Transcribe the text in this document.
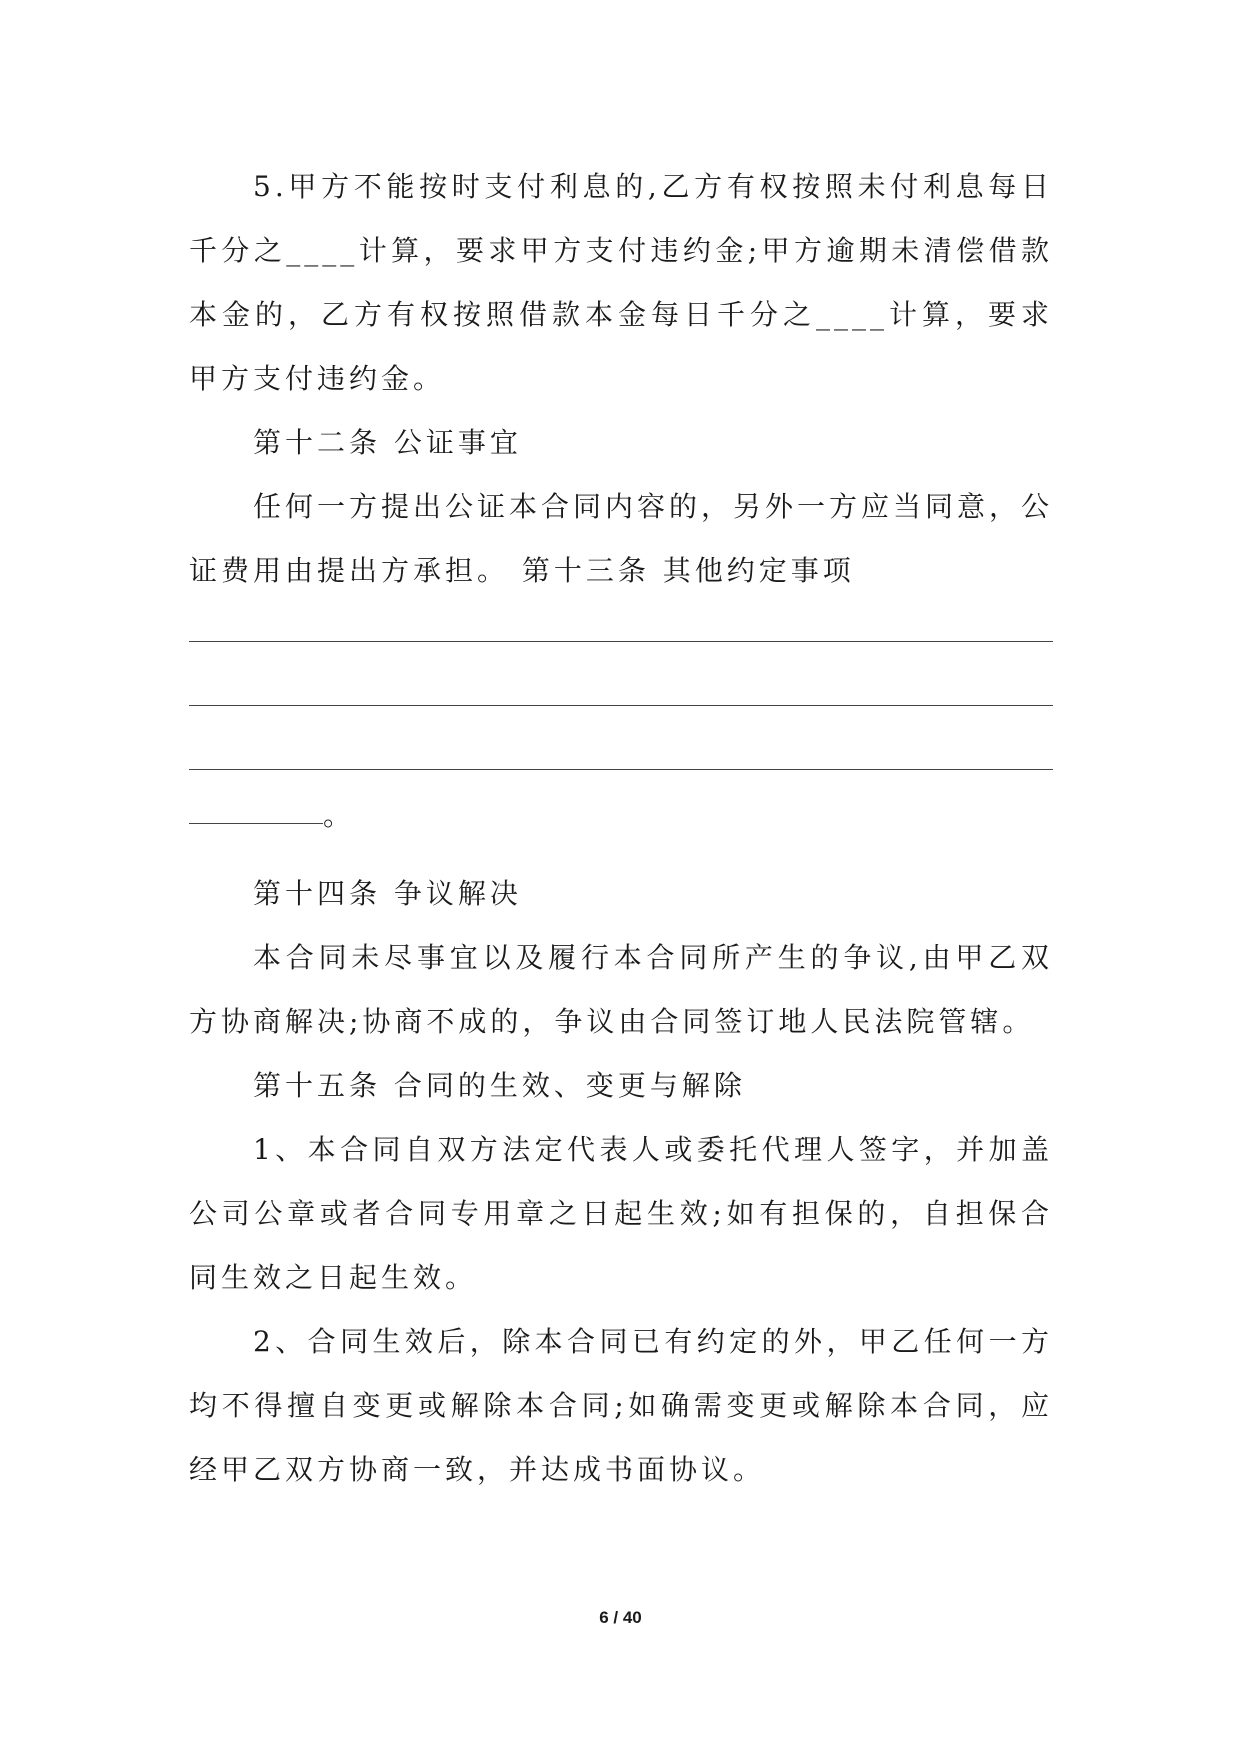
5.甲方不能按时支付利息的,乙方有权按照未付利息每日千分之____计算，要求甲方支付违约金;甲方逾期未清偿借款本金的，乙方有权按照借款本金每日千分之____计算，要求甲方支付违约金。

第十二条 公证事宜

任何一方提出公证本合同内容的，另外一方应当同意，公证费用由提出方承担。 第十三条 其他约定事项

。

第十四条 争议解决

本合同未尽事宜以及履行本合同所产生的争议,由甲乙双方协商解决;协商不成的，争议由合同签订地人民法院管辖。

第十五条 合同的生效、变更与解除

1、本合同自双方法定代表人或委托代理人签字，并加盖公司公章或者合同专用章之日起生效;如有担保的，自担保合同生效之日起生效。

2、合同生效后，除本合同已有约定的外，甲乙任何一方均不得擅自变更或解除本合同;如确需变更或解除本合同，应经甲乙双方协商一致，并达成书面协议。

6 / 40
